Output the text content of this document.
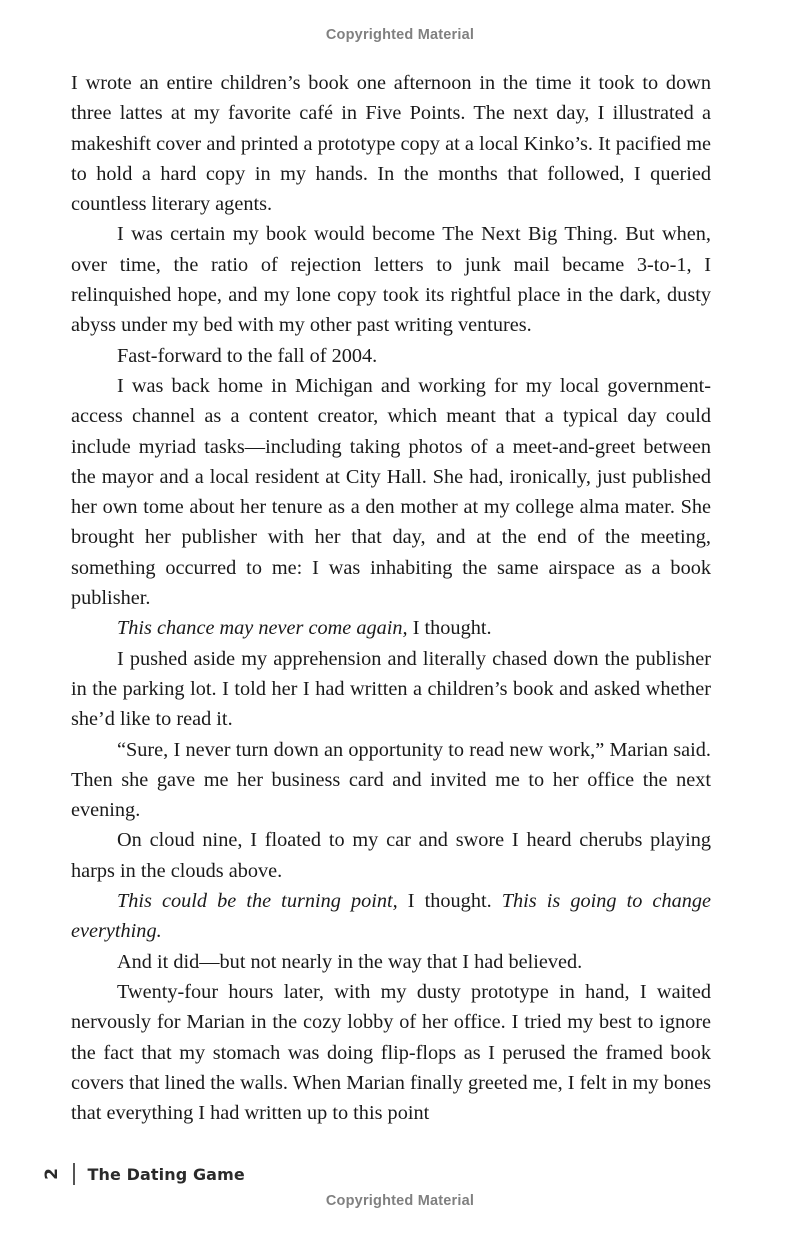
Copyrighted Material

I wrote an entire children’s book one afternoon in the time it took to down three lattes at my favorite café in Five Points. The next day, I illustrated a makeshift cover and printed a prototype copy at a local Kinko’s. It pacified me to hold a hard copy in my hands. In the months that followed, I queried countless literary agents.

I was certain my book would become The Next Big Thing. But when, over time, the ratio of rejection letters to junk mail became 3-to-1, I relinquished hope, and my lone copy took its rightful place in the dark, dusty abyss under my bed with my other past writing ventures.

Fast-forward to the fall of 2004.

I was back home in Michigan and working for my local government-access channel as a content creator, which meant that a typical day could include myriad tasks—including taking photos of a meet-and-greet between the mayor and a local resident at City Hall. She had, ironically, just published her own tome about her tenure as a den mother at my college alma mater. She brought her publisher with her that day, and at the end of the meeting, something occurred to me: I was inhabiting the same airspace as a book publisher.

This chance may never come again, I thought.

I pushed aside my apprehension and literally chased down the publisher in the parking lot. I told her I had written a children’s book and asked whether she’d like to read it.

“Sure, I never turn down an opportunity to read new work,” Marian said. Then she gave me her business card and invited me to her office the next evening.

On cloud nine, I floated to my car and swore I heard cherubs playing harps in the clouds above.

This could be the turning point, I thought. This is going to change everything.

And it did—but not nearly in the way that I had believed.

Twenty-four hours later, with my dusty prototype in hand, I waited nervously for Marian in the cozy lobby of her office. I tried my best to ignore the fact that my stomach was doing flip-flops as I perused the framed book covers that lined the walls. When Marian finally greeted me, I felt in my bones that everything I had written up to this point

2 The Dating Game
Copyrighted Material
